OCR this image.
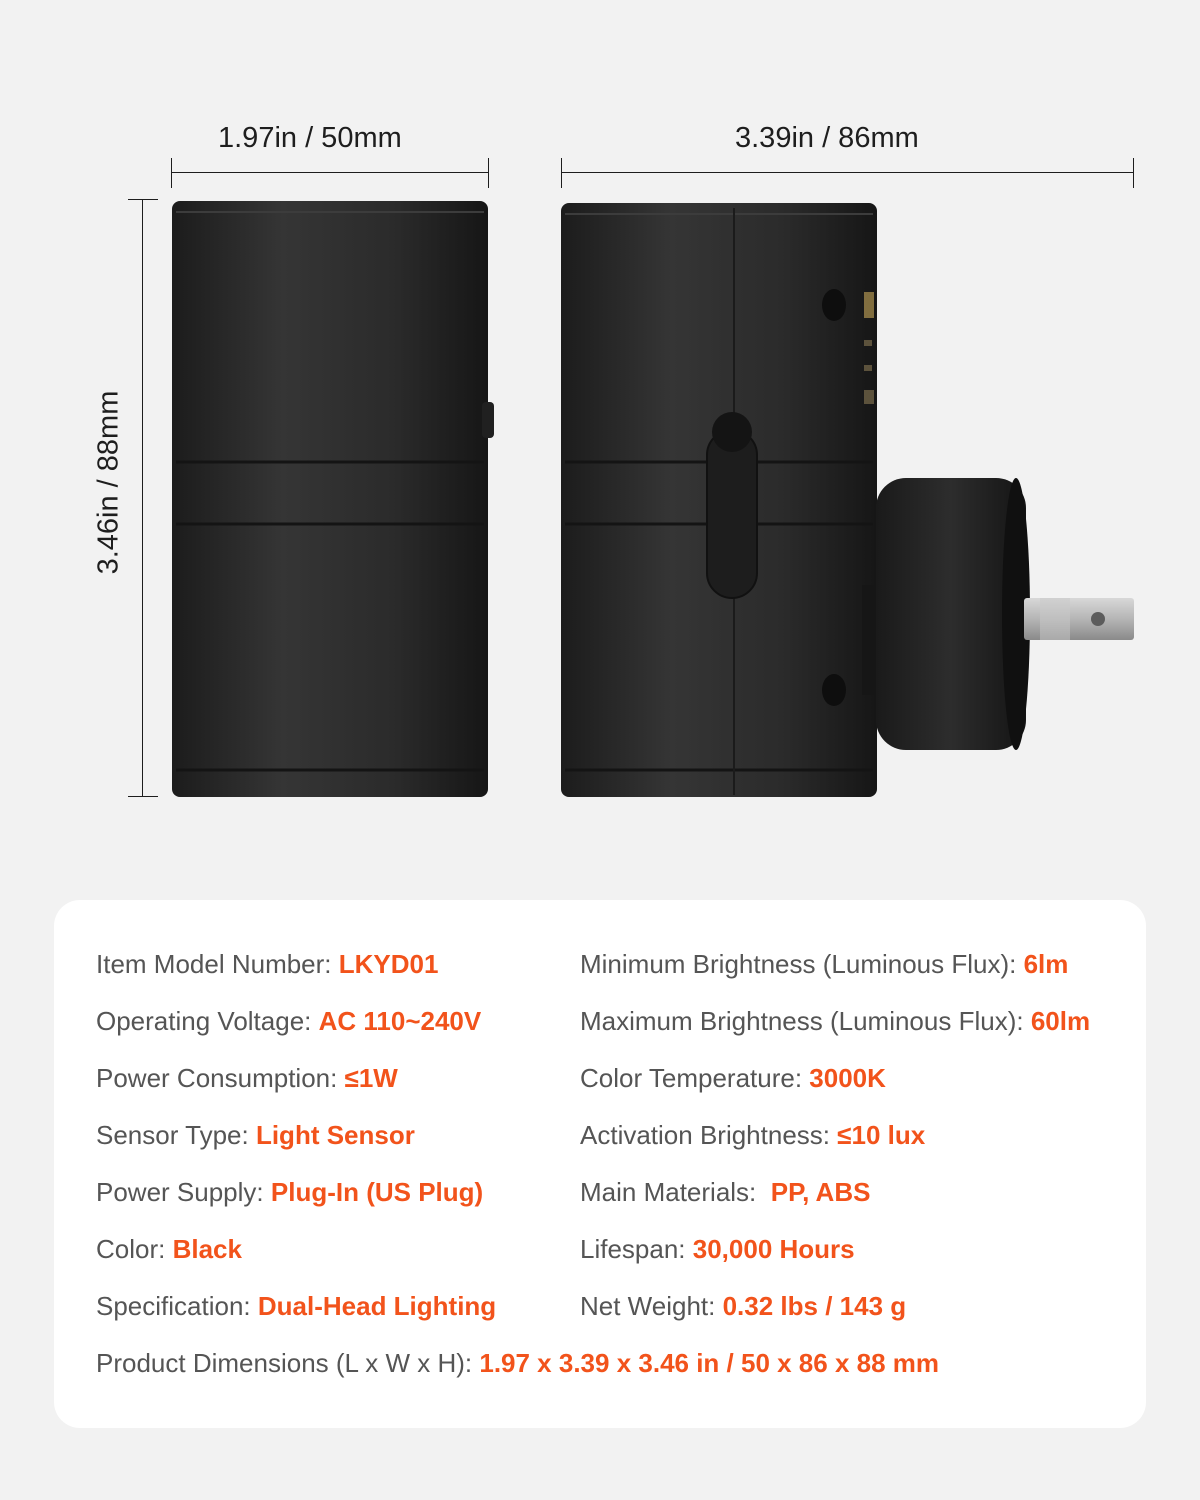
1.97in / 50mm	3.39in / 86mm
3.46in / 88mm
Item Model Number: LKYD01
Operating Voltage: AC 110~240V
Power Consumption: ≤1W
Sensor Type: Light Sensor
Power Supply: Plug-In (US Plug)
Color: Black
Specification: Dual-Head Lighting
Minimum Brightness (Luminous Flux): 6lm
Maximum Brightness (Luminous Flux): 60lm
Color Temperature: 3000K
Activation Brightness: ≤10 lux
Main Materials:  PP, ABS
Lifespan: 30,000 Hours
Net Weight: 0.32 lbs / 143 g
Product Dimensions (L x W x H): 1.97 x 3.39 x 3.46 in / 50 x 86 x 88 mm
